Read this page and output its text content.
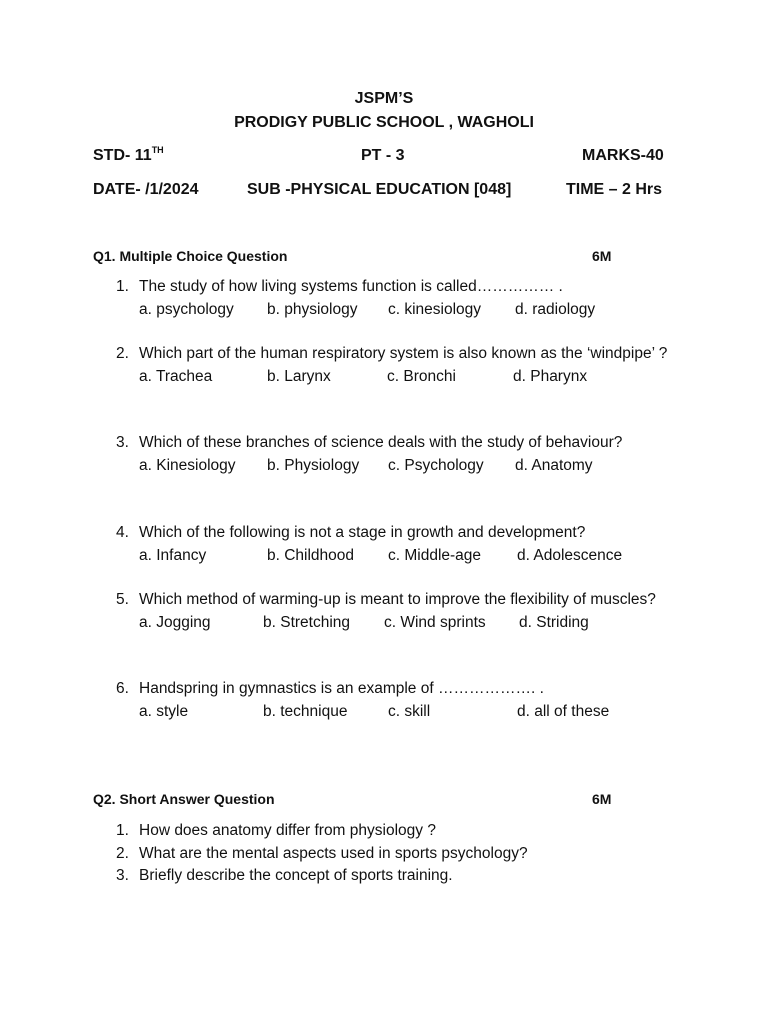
JSPM’S
PRODIGY PUBLIC SCHOOL , WAGHOLI
STD- 11TH	PT - 3	MARKS-40
DATE- /1/2024	SUB -PHYSICAL EDUCATION [048]	TIME – 2 Hrs
Q1. Multiple Choice Question	6M
1. The study of how living systems function is called…………… .
a. psychology b. physiology c. kinesiology d. radiology
2. Which part of the human respiratory system is also known as the ‘windpipe’ ?
a. Trachea	b. Larynx	c. Bronchi	d. Pharynx
3. Which of these branches of science deals with the study of behaviour?
a. Kinesiology b. Physiology c. Psychology d. Anatomy
4. Which of the following is not a stage in growth and development?
a. Infancy	b. Childhood c. Middle-age d. Adolescence
5. Which method of warming-up is meant to improve the flexibility of muscles?
a. Jogging	b. Stretching c. Wind sprints d. Striding
6. Handspring in gymnastics is an example of ………………. .
a. style	b. technique	c. skill	d. all of these
Q2. Short Answer Question	6M
1. How does anatomy differ from physiology ?
2. What are the mental aspects used in sports psychology?
3. Briefly describe the concept of sports training.
